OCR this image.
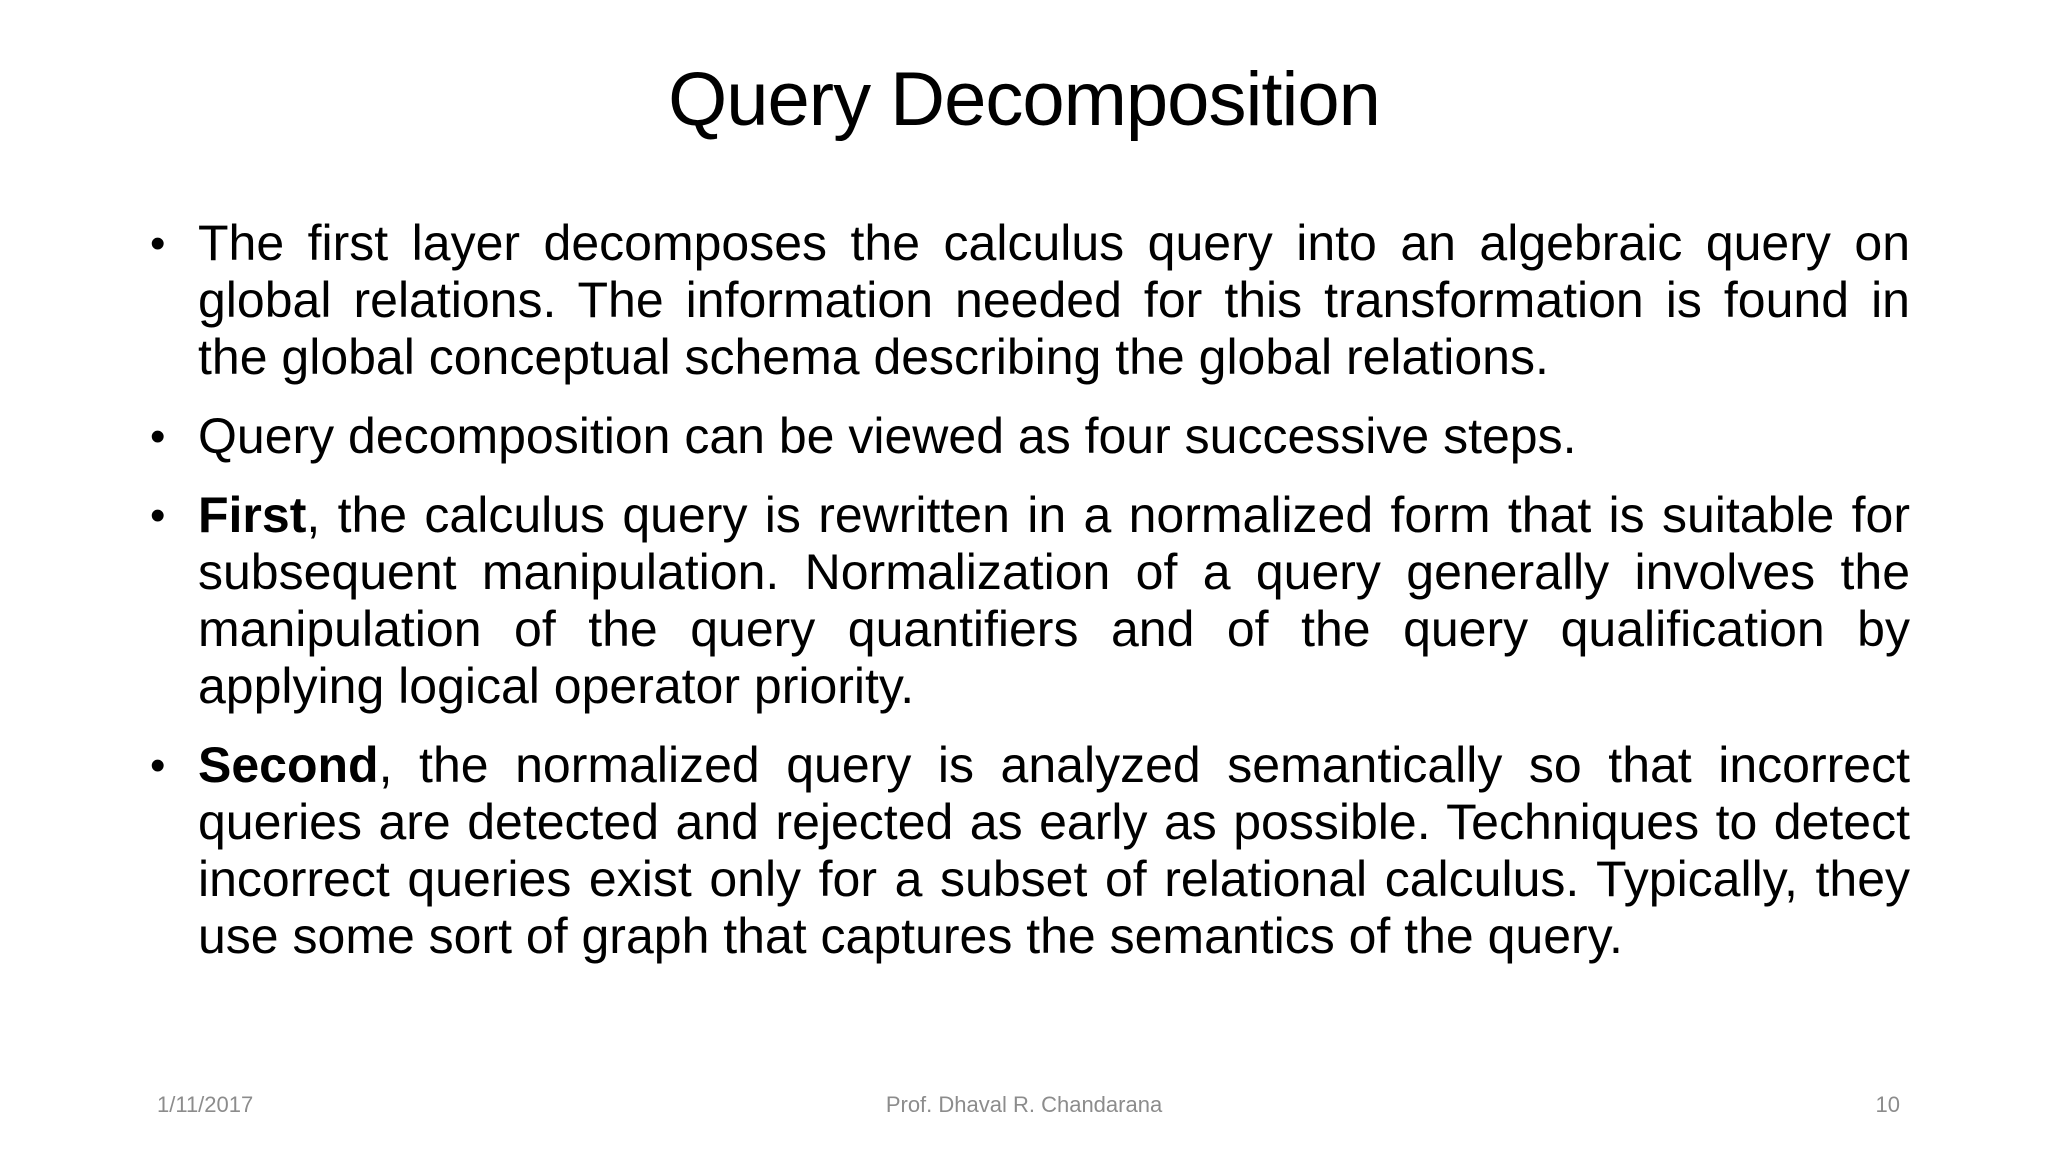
Query Decomposition
• The first layer decomposes the calculus query into an algebraic query on global relations. The information needed for this transformation is found in the global conceptual schema describing the global relations.
• Query decomposition can be viewed as four successive steps.
• First, the calculus query is rewritten in a normalized form that is suitable for subsequent manipulation. Normalization of a query generally involves the manipulation of the query quantifiers and of the query qualification by applying logical operator priority.
• Second, the normalized query is analyzed semantically so that incorrect queries are detected and rejected as early as possible. Techniques to detect incorrect queries exist only for a subset of relational calculus. Typically, they use some sort of graph that captures the semantics of the query.
1/11/2017	Prof. Dhaval R. Chandarana	10
